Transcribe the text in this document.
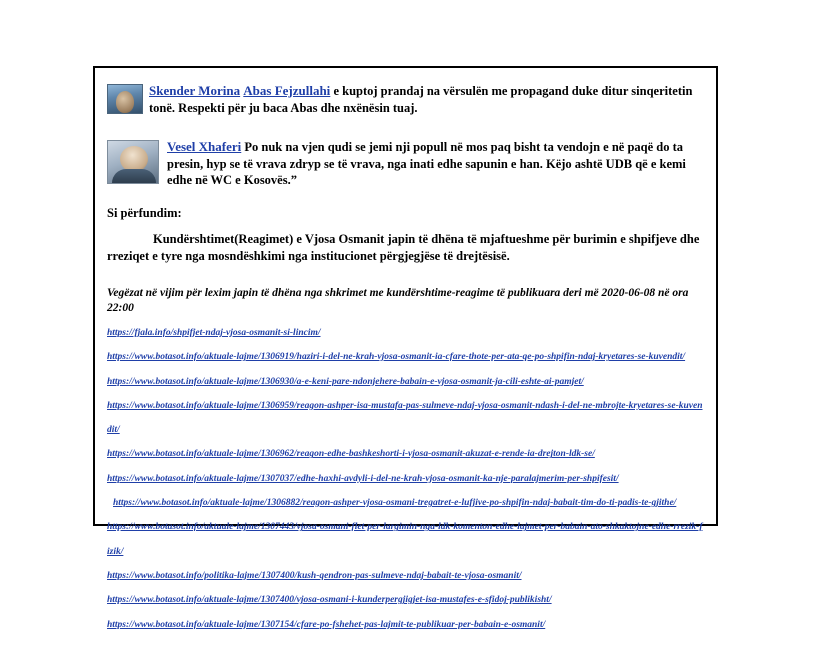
Skender Morina Abas Fejzullahi e kuptoj prandaj na vërsulën me propagand duke ditur sinqeritetin tonë. Respekti për ju baca Abas dhe nxënësin tuaj.

Vesel Xhaferi Po nuk na vjen qudi se jemi nji popull në mos paq bisht ta vendojn e në paqë do ta presin, hyp se të vrava zdryp se të vrava, nga inati edhe sapunin e han. Këjo ashtë UDB që e kemi edhe në WC e Kosovës.”

Si përfundim:

Kundërshtimet(Reagimet) e Vjosa Osmanit japin të dhëna të mjaftueshme për burimin e shpifjeve dhe rreziqet e tyre nga mosndëshkimi nga institucionet përgjegjëse të drejtësisë.

Vegëzat në vijim për lexim japin të dhëna nga shkrimet me kundërshtime-reagime të publikuara deri më 2020-06-08 në ora 22:00

https://fjala.info/shpifjet-ndaj-vjosa-osmanit-si-lincim/
https://www.botasot.info/aktuale-lajme/1306919/haziri-i-del-ne-krah-vjosa-osmanit-ia-cfare-thote-per-ata-qe-po-shpifin-ndaj-kryetares-se-kuvendit/
https://www.botasot.info/aktuale-lajme/1306930/a-e-keni-pare-ndonjehere-babain-e-vjosa-osmanit-ja-cili-eshte-ai-pamjet/
https://www.botasot.info/aktuale-lajme/1306959/reagon-ashper-isa-mustafa-pas-sulmeve-ndaj-vjosa-osmanit-ndash-i-del-ne-mbrojte-kryetares-se-kuvendit/
https://www.botasot.info/aktuale-lajme/1306962/reagon-edhe-bashkeshorti-i-vjosa-osmanit-akuzat-e-rende-ia-drejton-ldk-se/
https://www.botasot.info/aktuale-lajme/1307037/edhe-haxhi-avdyli-i-del-ne-krah-vjosa-osmanit-ka-nje-paralajmerim-per-shpifesit/
https://www.botasot.info/aktuale-lajme/1306882/reagon-ashper-vjosa-osmani-tregatret-e-lufjive-po-shpifin-ndaj-babait-tim-do-ti-padis-te-gjithe/
https://www.botasot.info/aktuale-lajme/1307443/vjosa-osmani-flet-per-largimin-nga-ldk-komenton-edhe-lajmet-per-babain-ato-shkaktojne-edhe-rrezik-fizik/
https://www.botasot.info/politika-lajme/1307400/kush-qendron-pas-sulmeve-ndaj-babait-te-vjosa-osmanit/
https://www.botasot.info/aktuale-lajme/1307400/vjosa-osmani-i-kunderpergjigjet-isa-mustafes-e-sfidoj-publikisht/
https://www.botasot.info/aktuale-lajme/1307154/cfare-po-fshehet-pas-lajmit-te-publikuar-per-babain-e-osmanit/
